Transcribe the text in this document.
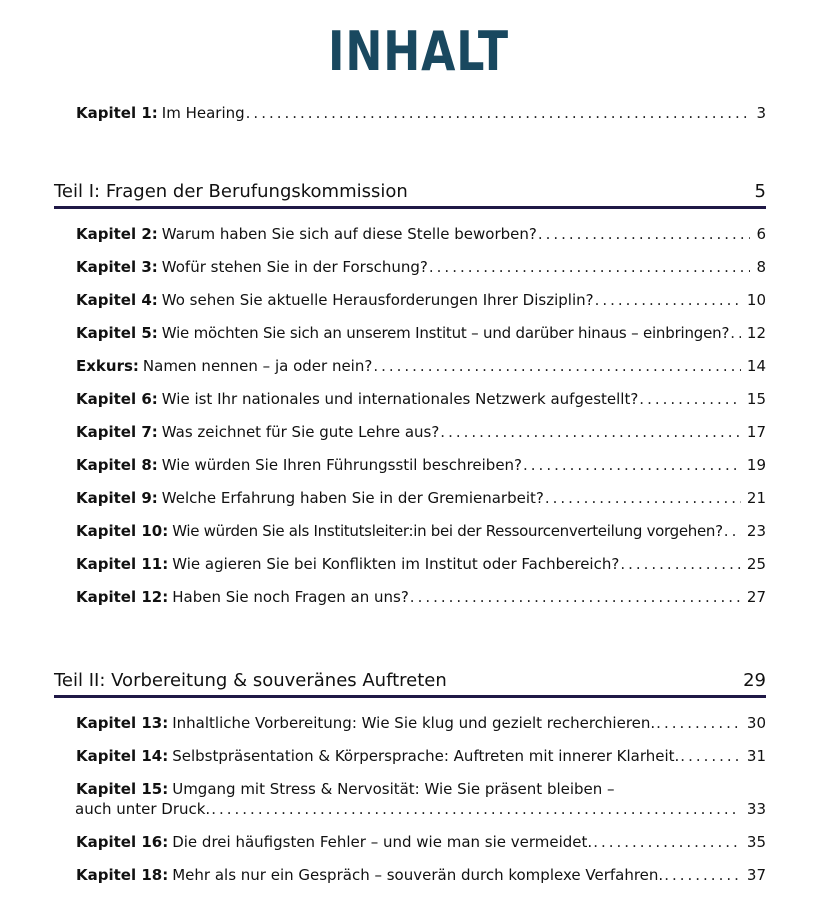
INHALT
Kapitel 1: Im Hearing .....	3
Teil I: Fragen der Berufungskommission	5
Kapitel 2: Warum haben Sie sich auf diese Stelle beworben? .....	6
Kapitel 3: Wofür stehen Sie in der Forschung? .....	8
Kapitel 4: Wo sehen Sie aktuelle Herausforderungen Ihrer Disziplin? .....	10
Kapitel 5: Wie möchten Sie sich an unserem Institut – und darüber hinaus – einbringen? ..... 12
Exkurs: Namen nennen – ja oder nein? .....	14
Kapitel 6: Wie ist Ihr nationales und internationales Netzwerk aufgestellt? .....	15
Kapitel 7: Was zeichnet für Sie gute Lehre aus? .....	17
Kapitel 8: Wie würden Sie Ihren Führungsstil beschreiben? .....	19
Kapitel 9: Welche Erfahrung haben Sie in der Gremienarbeit? .....	21
Kapitel 10: Wie würden Sie als Institutsleiter:in bei der Ressourcenverteilung vorgehen? ..... 23
Kapitel 11: Wie agieren Sie bei Konflikten im Institut oder Fachbereich? .....	25
Kapitel 12: Haben Sie noch Fragen an uns? .....	27
Teil II: Vorbereitung & souveränes Auftreten	29
Kapitel 13: Inhaltliche Vorbereitung: Wie Sie klug und gezielt recherchieren. .....	30
Kapitel 14: Selbstpräsentation & Körpersprache: Auftreten mit innerer Klarheit. .....	31
Kapitel 15: Umgang mit Stress & Nervosität: Wie Sie präsent bleiben –
auch unter Druck. .....	33
Kapitel 16: Die drei häufigsten Fehler – und wie man sie vermeidet. .....	35
Kapitel 18: Mehr als nur ein Gespräch – souverän durch komplexe Verfahren. .....	37
